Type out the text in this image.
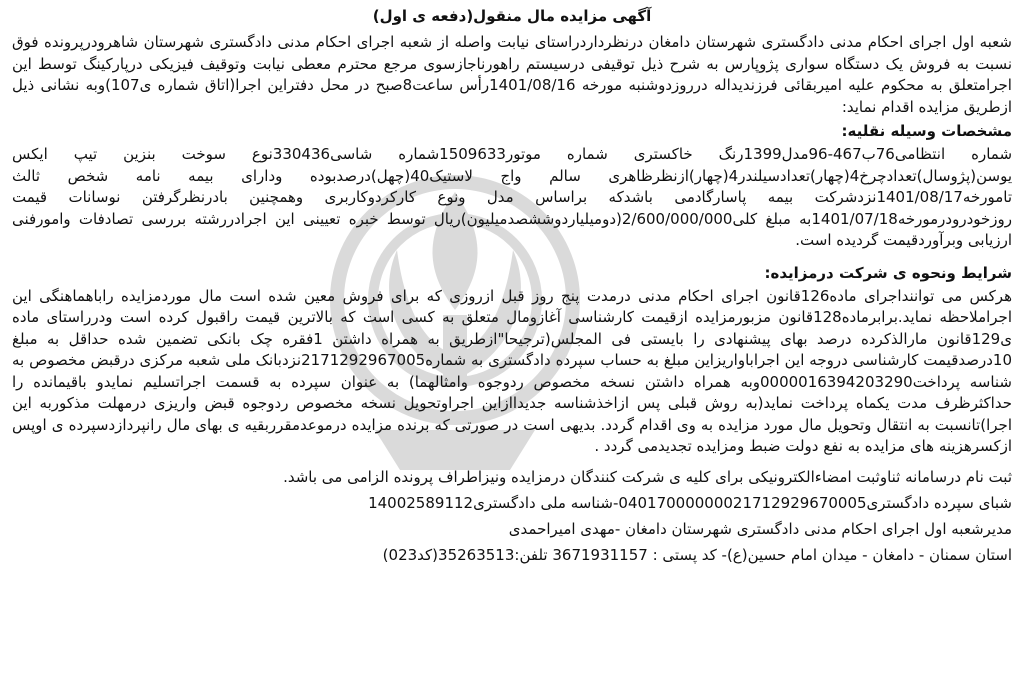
آگهی مزایده مال منقول(دفعه ی اول)

شعبه اول اجرای احکام مدنی دادگستری شهرستان دامغان درنظرداردراستای نیابت واصله از شعبه اجرای احکام مدنی دادگستری شهرستان شاهرودرپرونده فوق نسبت به فروش یک دستگاه سواری پژوپارس به شرح ذیل توقیفی درسیستم راهورناجازسوی مرجع محترم معطی نیابت وتوقیف فیزیکی درپارکینگ توسط این اجرامتعلق به محکوم علیه امیربقائی فرزندیداله درروزدوشنبه مورخه 1401/08/16رأس ساعت8صبح در محل دفتراین اجرا(اتاق شماره ی107)وبه نشانی ذیل ازطریق مزایده اقدام نماید:

مشخصات وسیله نقلیه:

شماره انتظامی76ب467-96مدل1399رنگ خاکستری شماره موتور1509633شماره شاسی330436نوع سوخت بنزین تیپ ایکس یوسن(پژوسال)تعدادچرخ4(چهار)تعدادسیلندر4(چهار)ازنظرظاهری سالم واج لاستیک40(چهل)درصدبوده ودارای بیمه نامه شخص ثالث تامورخه1401/08/17نزدشرکت بیمه پاسارگادمی باشدکه براساس مدل ونوع کارکردوکاربری وهمچنین بادرنظرگرفتن نوسانات قیمت روزخودرودرمورخه1401/07/18به مبلغ کلی2/600/000/000(دومیلیاردوششصدمیلیون)ریال توسط خبره تعیینی این اجرادررشته بررسی تصادفات وامورفنی ارزیابی وبرآوردقیمت گردیده است.

شرایط ونحوه ی شرکت درمزایده:

هرکس می تواننداجرای ماده126قانون اجرای احکام مدنی درمدت پنج روز قبل ازروزی که برای فروش معین شده است مال موردمزایده راباهماهنگی این اجراملاحظه نماید.برابرماده128قانون مزبورمزایده ازقیمت کارشناسی آغازومال متعلق به کسی است که بالاترین قیمت راقبول کرده است ودرراستای ماده ی129قانون مارالذکرده درصد بهای پیشنهادی را بایستی فی المجلس(ترجیحا"ازطریق به همراه داشتن 1فقره چک بانکی تضمین شده حداقل به مبلغ 10درصدقیمت کارشناسی دروجه این اجراباواریزاین مبلغ به حساب سپرده دادگستری به شماره2171292967005نزدبانک ملی شعبه مرکزی درقبض مخصوص به شناسه پرداخت0000016394203290وبه همراه داشتن نسخه مخصوص ردوجوه وامثالهما) به عنوان سپرده به قسمت اجراتسلیم نمایدو باقیمانده را حداکثرظرف مدت یکماه پرداخت نماید(به روش قبلی پس ازاخذشناسه جدیداازاین اجراوتحویل نسخه مخصوص ردوجوه قبض واریزی درمهلت مذکوربه این اجرا)تانسبت به انتقال وتحویل مال مورد مزایده به وی اقدام گردد. بدیهی است در صورتی که برنده مزایده درموعدمقرربقیه ی بهای مال رانپردازدسپرده ی اوپس ازکسرهزینه های مزایده به نفع دولت ضبط ومزایده تجدیدمی گردد .

ثبت نام درسامانه ثناوثبت امضاءالکترونیکی برای کلیه ی شرکت کنندگان درمزایده ونیزاطراف پرونده الزامی می باشد.
شبای سپرده دادگستری04017000000021712929670005-شناسه ملی دادگستری14002589112
مدیرشعبه اول اجرای احکام مدنی دادگستری شهرستان دامغان -مهدی امیراحمدی
استان سمنان - دامغان - میدان امام حسین(ع)- کد پستی : 3671931157 تلفن:35263513(کد023)
